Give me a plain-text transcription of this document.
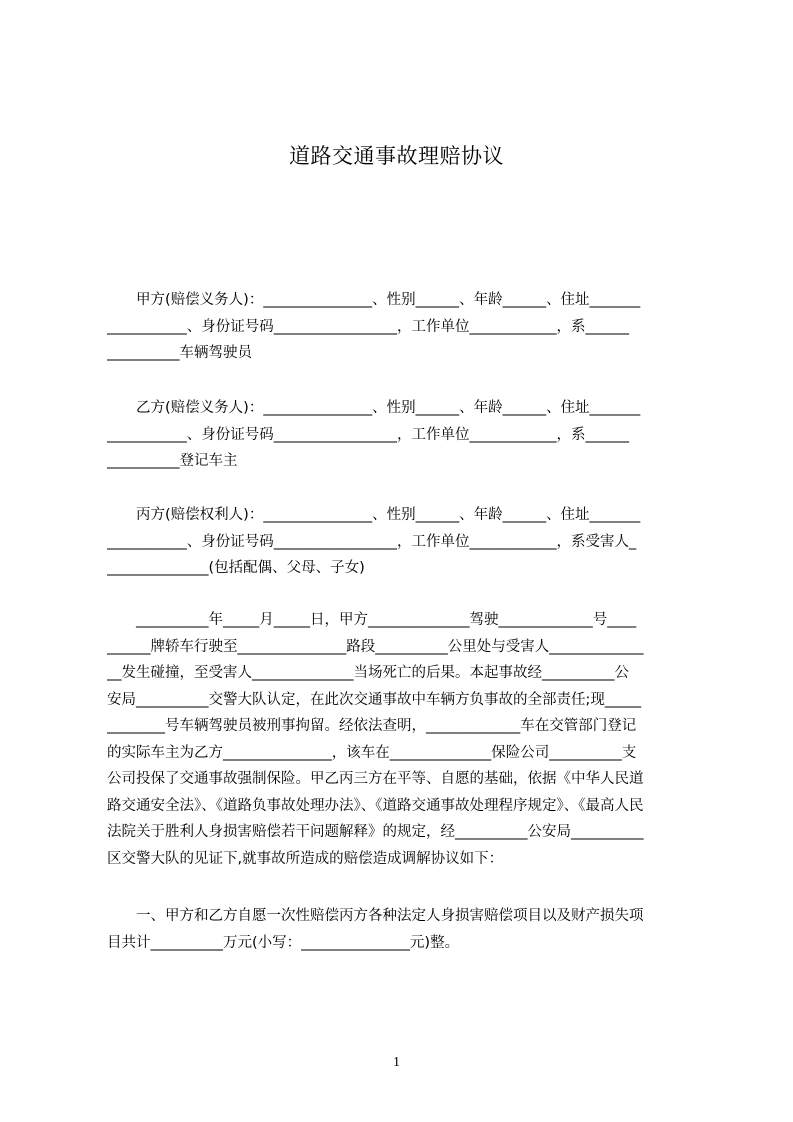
道路交通事故理赔协议
　　甲方(赔偿义务人)：_______________、性别______、年龄______、住址_______
___________、身份证号码_________________，工作单位____________，系______
__________车辆驾驶员
　　乙方(赔偿义务人)：_______________、性别______、年龄______、住址_______
___________、身份证号码_________________，工作单位____________，系______
__________登记车主
　　丙方(赔偿权利人)：_______________、性别______、年龄______、住址_______
___________、身份证号码_________________，工作单位____________，系受害人_
______________(包括配偶、父母、子女)
　　__________年_____月_____日，甲方______________驾驶_____________号____
______牌轿车行驶至_______________路段__________公里处与受害人_____________
__发生碰撞，至受害人______________当场死亡的后果。本起事故经__________公
安局__________交警大队认定，在此次交通事故中车辆方负事故的全部责任;现_____
________号车辆驾驶员被刑事拘留。经依法查明，_____________车在交管部门登记
的实际车主为乙方_______________，该车在______________保险公司__________支
公司投保了交通事故强制保险。甲乙丙三方在平等、自愿的基础，依据《中华人民道
路交通安全法》、《道路负事故处理办法》、《道路交通事故处理程序规定》、《最高人民
法院关于胜利人身损害赔偿若干问题解释》的规定，经__________公安局__________
区交警大队的见证下,就事故所造成的赔偿造成调解协议如下：
　　一、甲方和乙方自愿一次性赔偿丙方各种法定人身损害赔偿项目以及财产损失项
目共计__________万元(小写：_______________元)整。
1
